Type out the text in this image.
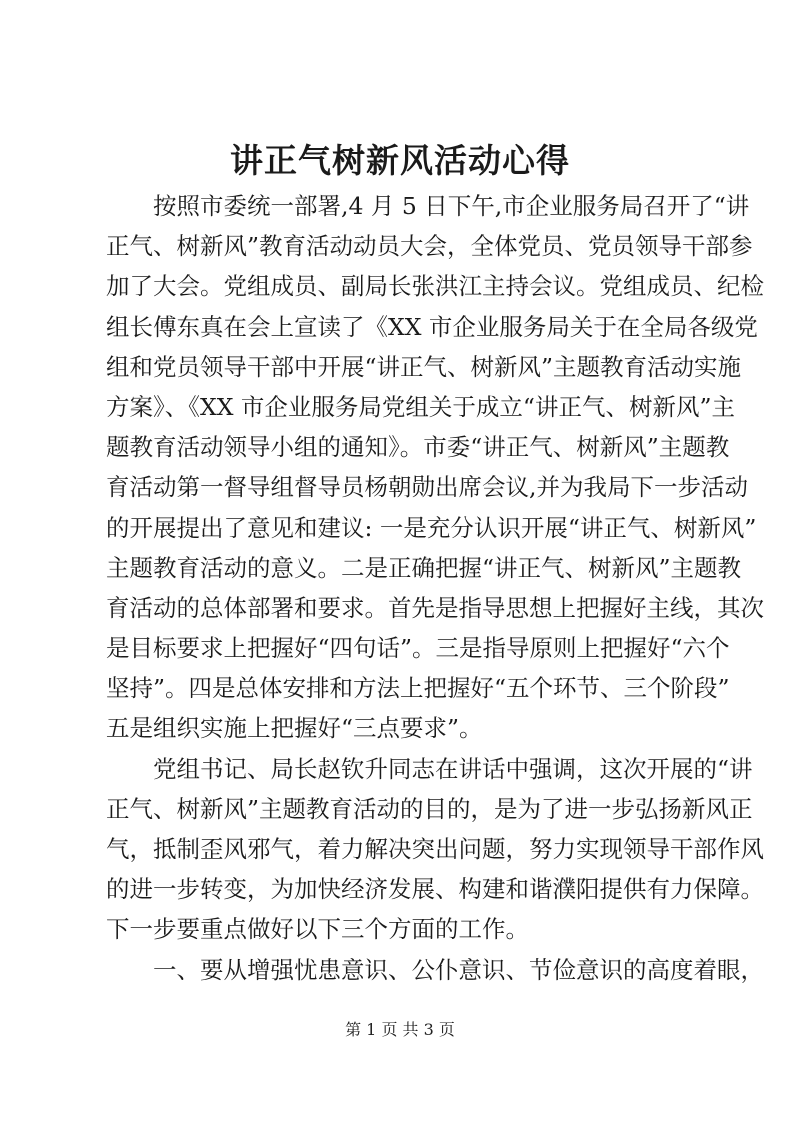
讲正气树新风活动心得
按照市委统一部署,4 月 5 日下午,市企业服务局召开了“讲
正气、树新风”教育活动动员大会，全体党员、党员领导干部参
加了大会。党组成员、副局长张洪江主持会议。党组成员、纪检
组长傅东真在会上宣读了《XX 市企业服务局关于在全局各级党
组和党员领导干部中开展“讲正气、树新风”主题教育活动实施
方案》、《XX 市企业服务局党组关于成立“讲正气、树新风”主
题教育活动领导小组的通知》。市委“讲正气、树新风”主题教
育活动第一督导组督导员杨朝勋出席会议,并为我局下一步活动
的开展提出了意见和建议: 一是充分认识开展“讲正气、树新风”
主题教育活动的意义。二是正确把握“讲正气、树新风”主题教
育活动的总体部署和要求。首先是指导思想上把握好主线，其次
是目标要求上把握好“四句话”。三是指导原则上把握好“六个
坚持”。四是总体安排和方法上把握好“五个环节、三个阶段”
五是组织实施上把握好“三点要求”。
党组书记、局长赵钦升同志在讲话中强调，这次开展的“讲
正气、树新风”主题教育活动的目的，是为了进一步弘扬新风正
气，抵制歪风邪气，着力解决突出问题，努力实现领导干部作风
的进一步转变，为加快经济发展、构建和谐濮阳提供有力保障。
下一步要重点做好以下三个方面的工作。
一、要从增强忧患意识、公仆意识、节俭意识的高度着眼，
第 1 页 共 3 页
